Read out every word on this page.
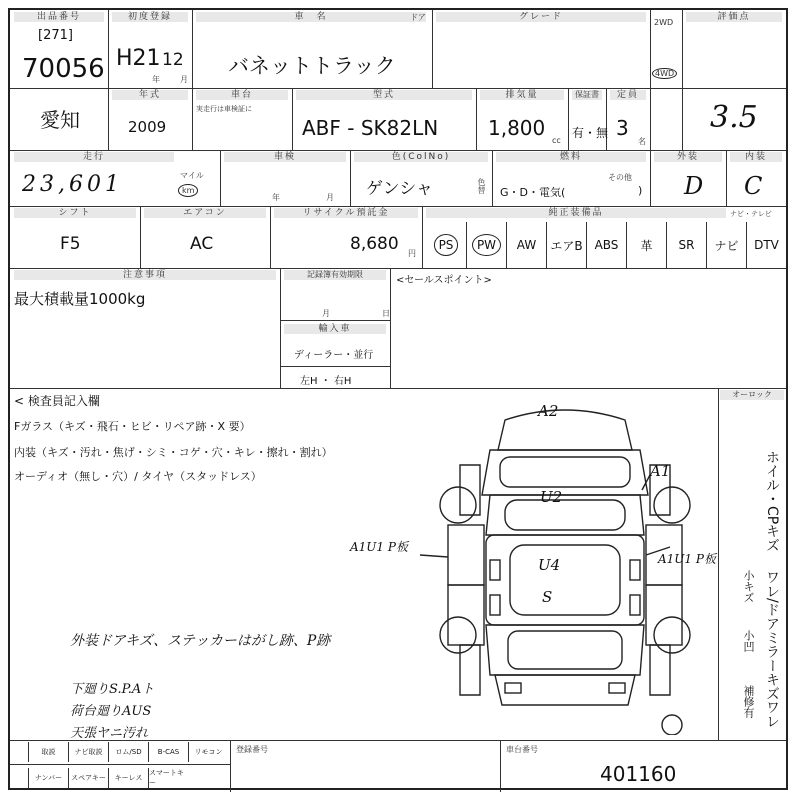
出品番号
[271]
70056
初度登録
H21 12
年	月
車　名
バネットトラック
ドア	グレード
2WD
4WD
評価点
3.5
愛知
年式
2009
車台
実走行は車検証に
型式
ABF - SK82LN
排気量
1,800
cc
保証書
有・無
定員
3
名
走行
23,601	マイル
km
車検
年	月
色(ColNo)
ゲンシャ	色替
燃料
G・D・電気(
その他
)
外装
D
内装
C
シフト
F5
エアコン
AC
リサイクル預託金
8,680 円
純正装備品	ナビ・テレビ
PS	PW	AW エアB ABS 革 SR ナビ DTV
注意事項
最大積載量1000kg
記録簿有効期限
月	日
輸入車
ディーラー・並行
左H ・ 右H
<セールスポイント>
< 検査員記入欄
Fガラス（キズ・飛石・ヒビ・リペア跡・X 要）
内装（キズ・汚れ・焦げ・シミ・コゲ・穴・キレ・擦れ・割れ）
オーディオ（無し・穴）/ タイヤ（スタッドレス）
A2
A1
U2
U4
S
A1U1 P板
A1U1 P板
外装ドアキズ、ステッカーはがし跡、P跡
下廻りS.P.Aト
荷台廻りAUS
天張ヤニ汚れ
オーロック
ホイル・CPキズ
ワレ/ドアミラーキズ
小キズ
小凹
ワレ
補修有
取説	ナビ取説	ロム/SD	B-CAS	リモコン
ナンバー	スペアキー	キーレス
スマートキー
登録番号	車台番号
401160
